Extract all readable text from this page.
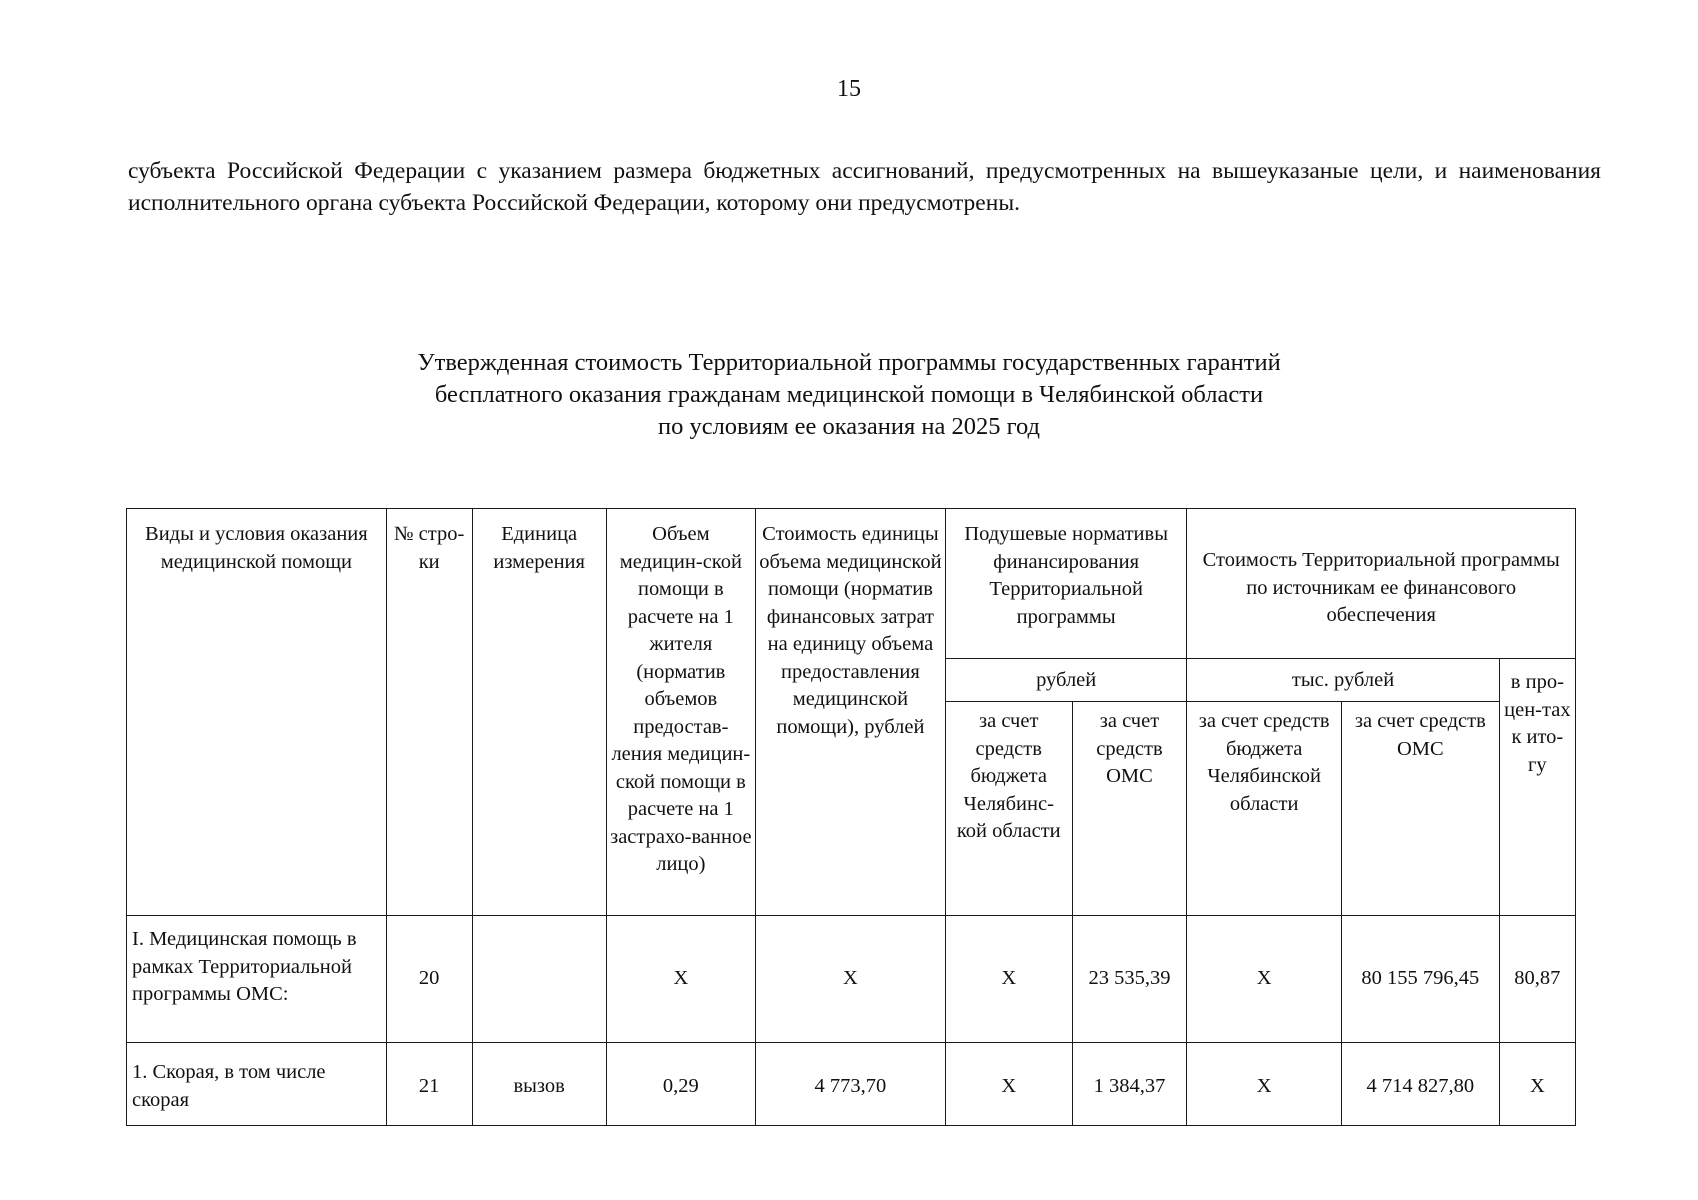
15
субъекта Российской Федерации с указанием размера бюджетных ассигнований, предусмотренных на вышеуказаные цели, и наименования исполнительного органа субъекта Российской Федерации, которому они предусмотрены.
Утвержденная стоимость Территориальной программы государственных гарантий
бесплатного оказания гражданам медицинской помощи в Челябинской области
по условиям ее оказания на 2025 год
Виды и условия оказания медицинской помощи	№ стро-ки	Единица измерения	Объем медицин-ской помощи в расчете на 1 жителя (норматив объемов предостав-ления медицин-ской помощи в расчете на 1 застрахо-ванное лицо)	Стоимость единицы объема медицинской помощи (норматив финансовых затрат на единицу объема предоставления медицинской помощи), рублей	Подушевые нормативы финансирования Территориальной программы		Стоимость Территориальной программы по источникам ее финансового обеспечения		
					рублей		тыс. рублей		в про-цен-тах к ито-гу
					за счет средств бюджета Челябинс-кой области	за счет средств ОМС	за счет средств бюджета Челябинской области	за счет средств ОМС	
I. Медицинская помощь в рамках Территориальной программы ОМС:	20		X	X	X	23 535,39	X	80 155 796,45	80,87
1. Скорая, в том числе скорая	21	вызов	0,29	4 773,70	X	1 384,37	X	4 714 827,80	X
